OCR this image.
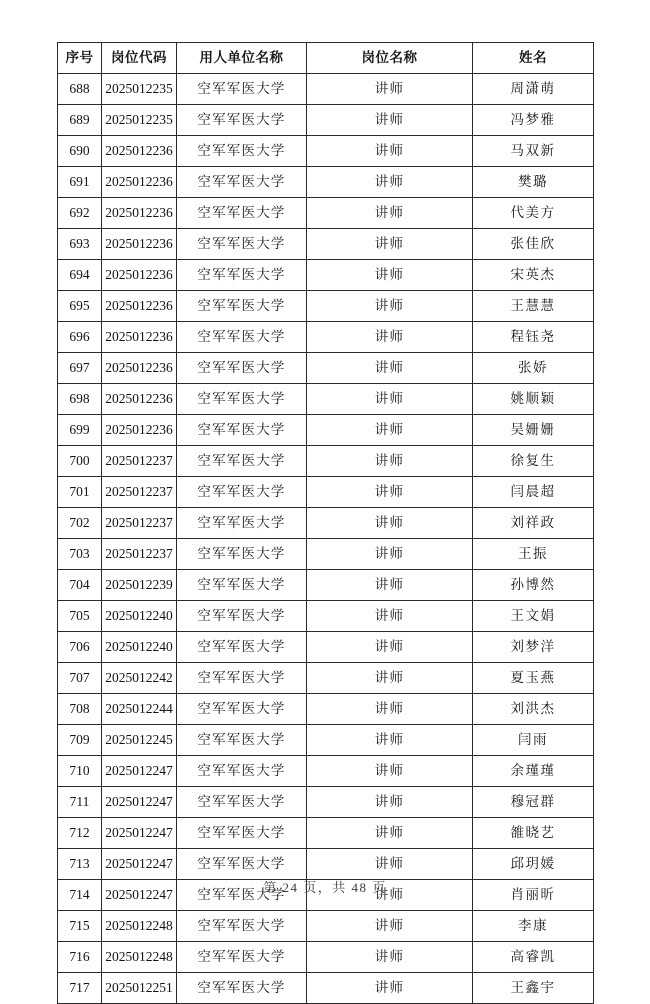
序号	岗位代码	用人单位名称	岗位名称	姓名
688	2025012235	空军军医大学	讲师	周潇萌
689	2025012235	空军军医大学	讲师	冯梦雅
690	2025012236	空军军医大学	讲师	马双新
691	2025012236	空军军医大学	讲师	樊璐
692	2025012236	空军军医大学	讲师	代美方
693	2025012236	空军军医大学	讲师	张佳欣
694	2025012236	空军军医大学	讲师	宋英杰
695	2025012236	空军军医大学	讲师	王慧慧
696	2025012236	空军军医大学	讲师	程钰尧
697	2025012236	空军军医大学	讲师	张娇
698	2025012236	空军军医大学	讲师	姚顺颖
699	2025012236	空军军医大学	讲师	吴姗姗
700	2025012237	空军军医大学	讲师	徐复生
701	2025012237	空军军医大学	讲师	闫晨超
702	2025012237	空军军医大学	讲师	刘祥政
703	2025012237	空军军医大学	讲师	王振
704	2025012239	空军军医大学	讲师	孙博然
705	2025012240	空军军医大学	讲师	王文娟
706	2025012240	空军军医大学	讲师	刘梦洋
707	2025012242	空军军医大学	讲师	夏玉燕
708	2025012244	空军军医大学	讲师	刘洪杰
709	2025012245	空军军医大学	讲师	闫雨
710	2025012247	空军军医大学	讲师	余瑾瑾
711	2025012247	空军军医大学	讲师	穆冠群
712	2025012247	空军军医大学	讲师	雒晓艺
713	2025012247	空军军医大学	讲师	邱玥媛
714	2025012247	空军军医大学	讲师	肖丽昕
715	2025012248	空军军医大学	讲师	李康
716	2025012248	空军军医大学	讲师	高睿凯
717	2025012251	空军军医大学	讲师	王鑫宇
第 24 页，共 48 页
